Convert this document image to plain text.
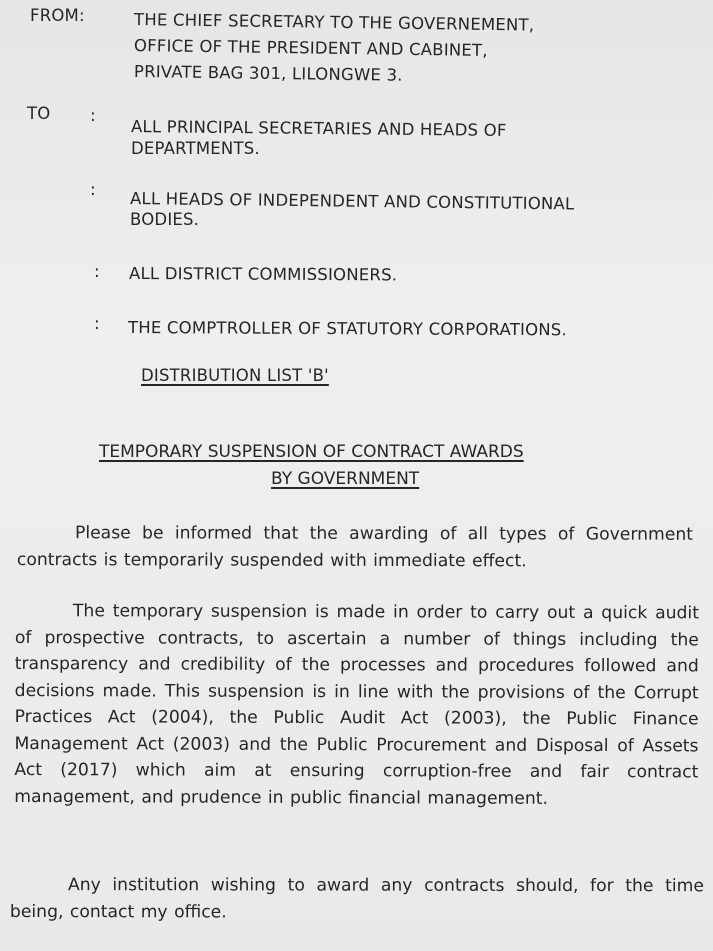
FROM:	THE CHIEF SECRETARY TO THE GOVERNEMENT,
OFFICE OF THE PRESIDENT AND CABINET,
PRIVATE BAG 301, LILONGWE 3.
TO :
ALL PRINCIPAL SECRETARIES AND HEADS OF
DEPARTMENTS.
: ALL HEADS OF INDEPENDENT AND CONSTITUTIONAL
BODIES.
: ALL DISTRICT COMMISSIONERS.
: THE COMPTROLLER OF STATUTORY CORPORATIONS.
DISTRIBUTION LIST 'B'
TEMPORARY SUSPENSION OF CONTRACT AWARDS
BY GOVERNMENT

Please be informed that the awarding of all types of Government contracts is temporarily suspended with immediate effect.

The temporary suspension is made in order to carry out a quick audit of prospective contracts, to ascertain a number of things including the transparency and credibility of the processes and procedures followed and decisions made. This suspension is in line with the provisions of the Corrupt Practices Act (2004), the Public Audit Act (2003), the Public Finance Management Act (2003) and the Public Procurement and Disposal of Assets Act (2017) which aim at ensuring corruption-free and fair contract management, and prudence in public financial management.

Any institution wishing to award any contracts should, for the time being, contact my office.
